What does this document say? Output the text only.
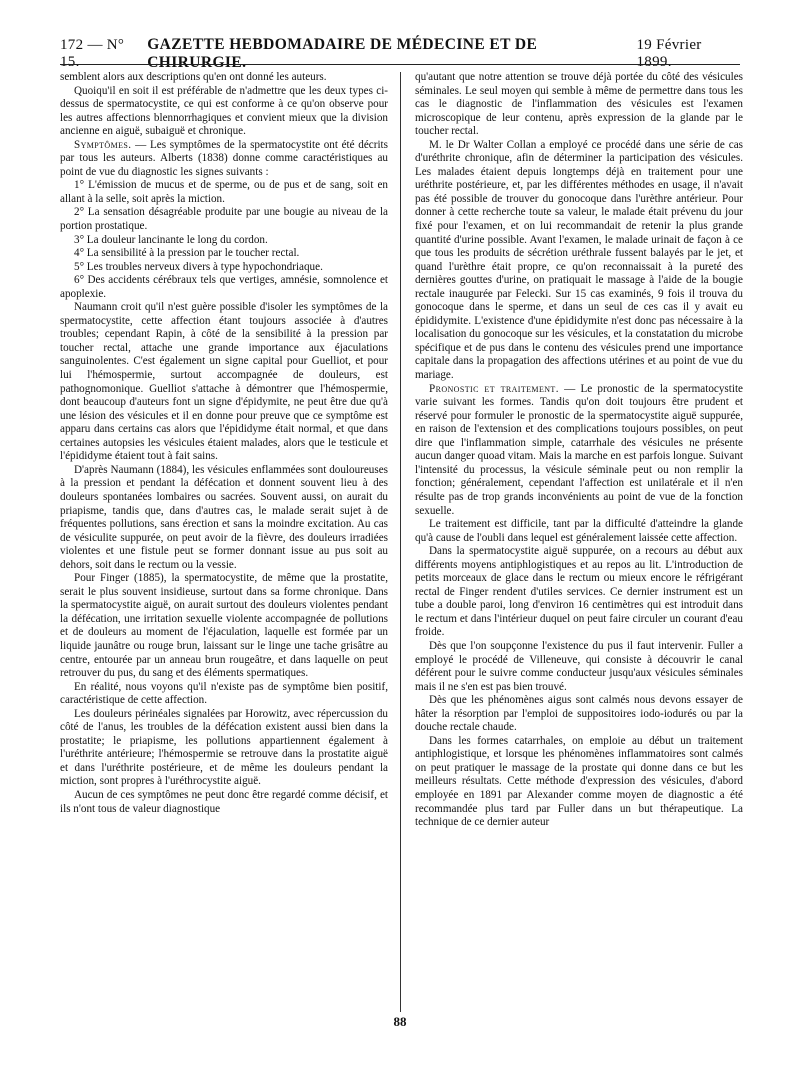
172 — N° 15.
GAZETTE HEBDOMADAIRE DE MÉDECINE ET DE CHIRURGIE.
19 Février 1899.

semblent alors aux descriptions qu'en ont donné les auteurs.

Quoiqu'il en soit il est préférable de n'admettre que les deux types ci-dessus de spermatocystite, ce qui est conforme à ce qu'on observe pour les autres affections blennorrhagiques et convient mieux que la division ancienne en aiguë, subaiguë et chronique.

Symptômes. — Les symptômes de la spermatocystite ont été décrits par tous les auteurs. Alberts (1838) donne comme caractéristiques au point de vue du diagnostic les signes suivants :

1° L'émission de mucus et de sperme, ou de pus et de sang, soit en allant à la selle, soit après la miction.

2° La sensation désagréable produite par une bougie au niveau de la portion prostatique.

3° La douleur lancinante le long du cordon.

4° La sensibilité à la pression par le toucher rectal.

5° Les troubles nerveux divers à type hypochondriaque.

6° Des accidents cérébraux tels que vertiges, amnésie, somnolence et apoplexie.

Naumann croit qu'il n'est guère possible d'isoler les symptômes de la spermatocystite, cette affection étant toujours associée à d'autres troubles; cependant Rapin, à côté de la sensibilité à la pression par toucher rectal, attache une grande importance aux éjaculations sanguinolentes. C'est également un signe capital pour Guelliot, et pour lui l'hémospermie, surtout accompagnée de douleurs, est pathognomonique. Guelliot s'attache à démontrer que l'hémospermie, dont beaucoup d'auteurs font un signe d'épidymite, ne peut être due qu'à une lésion des vésicules et il en donne pour preuve que ce symptôme est apparu dans certains cas alors que l'épididyme était normal, et que dans certaines autopsies les vésicules étaient malades, alors que le testicule et l'épididyme étaient tout à fait sains.

D'après Naumann (1884), les vésicules enflammées sont douloureuses à la pression et pendant la défécation et donnent souvent lieu à des douleurs spontanées lombaires ou sacrées. Souvent aussi, on aurait du priapisme, tandis que, dans d'autres cas, le malade serait sujet à de fréquentes pollutions, sans érection et sans la moindre excitation. Au cas de vésiculite suppurée, on peut avoir de la fièvre, des douleurs irradiées violentes et une fistule peut se former donnant issue au pus soit au dehors, soit dans le rectum ou la vessie.

Pour Finger (1885), la spermatocystite, de même que la prostatite, serait le plus souvent insidieuse, surtout dans sa forme chronique. Dans la spermatocystite aiguë, on aurait surtout des douleurs violentes pendant la défécation, une irritation sexuelle violente accompagnée de pollutions et de douleurs au moment de l'éjaculation, laquelle est formée par un liquide jaunâtre ou rouge brun, laissant sur le linge une tache grisâtre au centre, entourée par un anneau brun rougeâtre, et dans laquelle on peut retrouver du pus, du sang et des éléments spermatiques.

En réalité, nous voyons qu'il n'existe pas de symptôme bien positif, caractéristique de cette affection.

Les douleurs périnéales signalées par Horowitz, avec répercussion du côté de l'anus, les troubles de la défécation existent aussi bien dans la prostatite; le priapisme, les pollutions appartiennent également à l'uréthrite antérieure; l'hémospermie se retrouve dans la prostatite aiguë et dans l'uréthrite postérieure, et de même les douleurs pendant la miction, sont propres à l'uréthrocystite aiguë.

Aucun de ces symptômes ne peut donc être regardé comme décisif, et ils n'ont tous de valeur diagnostique

qu'autant que notre attention se trouve déjà portée du côté des vésicules séminales. Le seul moyen qui semble à même de permettre dans tous les cas le diagnostic de l'inflammation des vésicules est l'examen microscopique de leur contenu, après expression de la glande par le toucher rectal.

M. le Dr Walter Collan a employé ce procédé dans une série de cas d'uréthrite chronique, afin de déterminer la participation des vésicules. Les malades étaient depuis longtemps déjà en traitement pour une uréthrite postérieure, et, par les différentes méthodes en usage, il n'avait pas été possible de trouver du gonocoque dans l'urèthre antérieur. Pour donner à cette recherche toute sa valeur, le malade était prévenu du jour fixé pour l'examen, et on lui recommandait de retenir la plus grande quantité d'urine possible. Avant l'examen, le malade urinait de façon à ce que tous les produits de sécrétion uréthrale fussent balayés par le jet, et quand l'urèthre était propre, ce qu'on reconnaissait à la pureté des dernières gouttes d'urine, on pratiquait le massage à l'aide de la bougie rectale inaugurée par Felecki. Sur 15 cas examinés, 9 fois il trouva du gonocoque dans le sperme, et dans un seul de ces cas il y avait eu épididymite. L'existence d'une épididymite n'est donc pas nécessaire à la localisation du gonocoque sur les vésicules, et la constatation du microbe spécifique et de pus dans le contenu des vésicules prend une importance capitale dans la propagation des affections utérines et au point de vue du mariage.

Pronostic et traitement. — Le pronostic de la spermatocystite varie suivant les formes. Tandis qu'on doit toujours être prudent et réservé pour formuler le pronostic de la spermatocystite aiguë suppurée, en raison de l'extension et des complications toujours possibles, on peut dire que l'inflammation simple, catarrhale des vésicules ne présente aucun danger quoad vitam. Mais la marche en est parfois longue. Suivant l'intensité du processus, la vésicule séminale peut ou non remplir la fonction; généralement, cependant l'affection est unilatérale et il n'en résulte pas de trop grands inconvénients au point de vue de la fonction sexuelle.

Le traitement est difficile, tant par la difficulté d'atteindre la glande qu'à cause de l'oubli dans lequel est généralement laissée cette affection.

Dans la spermatocystite aiguë suppurée, on a recours au début aux différents moyens antiphlogistiques et au repos au lit. L'introduction de petits morceaux de glace dans le rectum ou mieux encore le réfrigérant rectal de Finger rendent d'utiles services. Ce dernier instrument est un tube a double paroi, long d'environ 16 centimètres qui est introduit dans le rectum et dans l'intérieur duquel on peut faire circuler un courant d'eau froide.

Dès que l'on soupçonne l'existence du pus il faut intervenir. Fuller a employé le procédé de Villeneuve, qui consiste à découvrir le canal déférent pour le suivre comme conducteur jusqu'aux vésicules séminales mais il ne s'en est pas bien trouvé.

Dès que les phénomènes aigus sont calmés nous devons essayer de hâter la résorption par l'emploi de suppositoires iodo-iodurés ou par la douche rectale chaude.

Dans les formes catarrhales, on emploie au début un traitement antiphlogistique, et lorsque les phénomènes inflammatoires sont calmés on peut pratiquer le massage de la prostate qui donne dans ce but les meilleurs résultats. Cette méthode d'expression des vésicules, d'abord employée en 1891 par Alexander comme moyen de diagnostic a été recommandée plus tard par Fuller dans un but thérapeutique. La technique de ce dernier auteur

88
